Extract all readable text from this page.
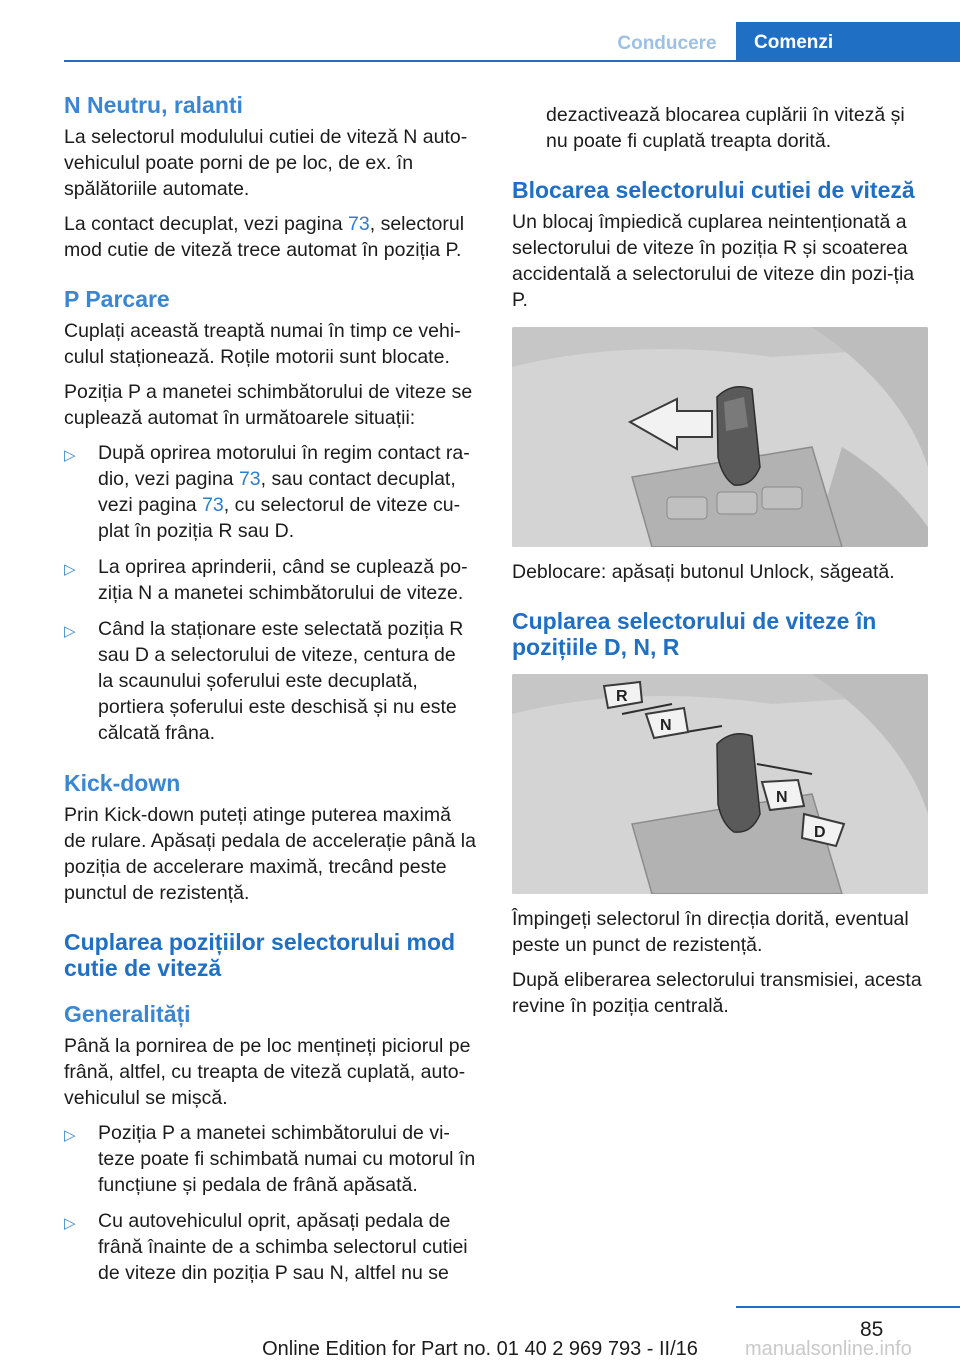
Conducere	Comenzi
N Neutru, ralanti

La selectorul modulului cutiei de viteză N auto-vehiculul poate porni de pe loc, de ex. în spălătoriile automate.

La contact decuplat, vezi pagina 73, selectorul mod cutie de viteză trece automat în poziția P.

P Parcare

Cuplați această treaptă numai în timp ce vehi-culul staționează. Roțile motorii sunt blocate.

Poziția P a manetei schimbătorului de viteze se cuplează automat în următoarele situații:

▷ După oprirea motorului în regim contact ra-dio, vezi pagina 73, sau contact decuplat, vezi pagina 73, cu selectorul de viteze cu-plat în poziția R sau D.
▷ La oprirea aprinderii, când se cuplează po-ziția N a manetei schimbătorului de viteze.
▷ Când la staționare este selectată poziția R sau D a selectorului de viteze, centura de la scaunului șoferului este decuplată, portiera șoferului este deschisă și nu este călcată frâna.
Kick-down

Prin Kick-down puteți atinge puterea maximă de rulare. Apăsați pedala de accelerație până la poziția de accelerare maximă, trecând peste punctul de rezistență.

Cuplarea pozițiilor selectorului mod cutie de viteză
Generalități

Până la pornirea de pe loc mențineți piciorul pe frână, altfel, cu treapta de viteză cuplată, auto-vehiculul se mișcă.

▷ Poziția P a manetei schimbătorului de vi-teze poate fi schimbată numai cu motorul în funcțiune și pedala de frână apăsată.
▷ Cu autovehiculul oprit, apăsați pedala de frână înainte de a schimba selectorul cutiei de viteze din poziția P sau N, altfel nu se

dezactivează blocarea cuplării în viteză și nu poate fi cuplată treapta dorită.

Blocarea selectorului cutiei de viteză

Un blocaj împiedică cuplarea neintenționată a selectorului de viteze în poziția R și scoaterea accidentală a selectorului de viteze din pozi-ția P.

Deblocare: apăsați butonul Unlock, săgeată.

Cuplarea selectorului de viteze în pozițiile D, N, R
R
N
N
D

Împingeți selectorul în direcția dorită, eventual peste un punct de rezistență.

După eliberarea selectorului transmisiei, acesta revine în poziția centrală.

85
Online Edition for Part no. 01 40 2 969 793 - II/16	manualsonline.info
